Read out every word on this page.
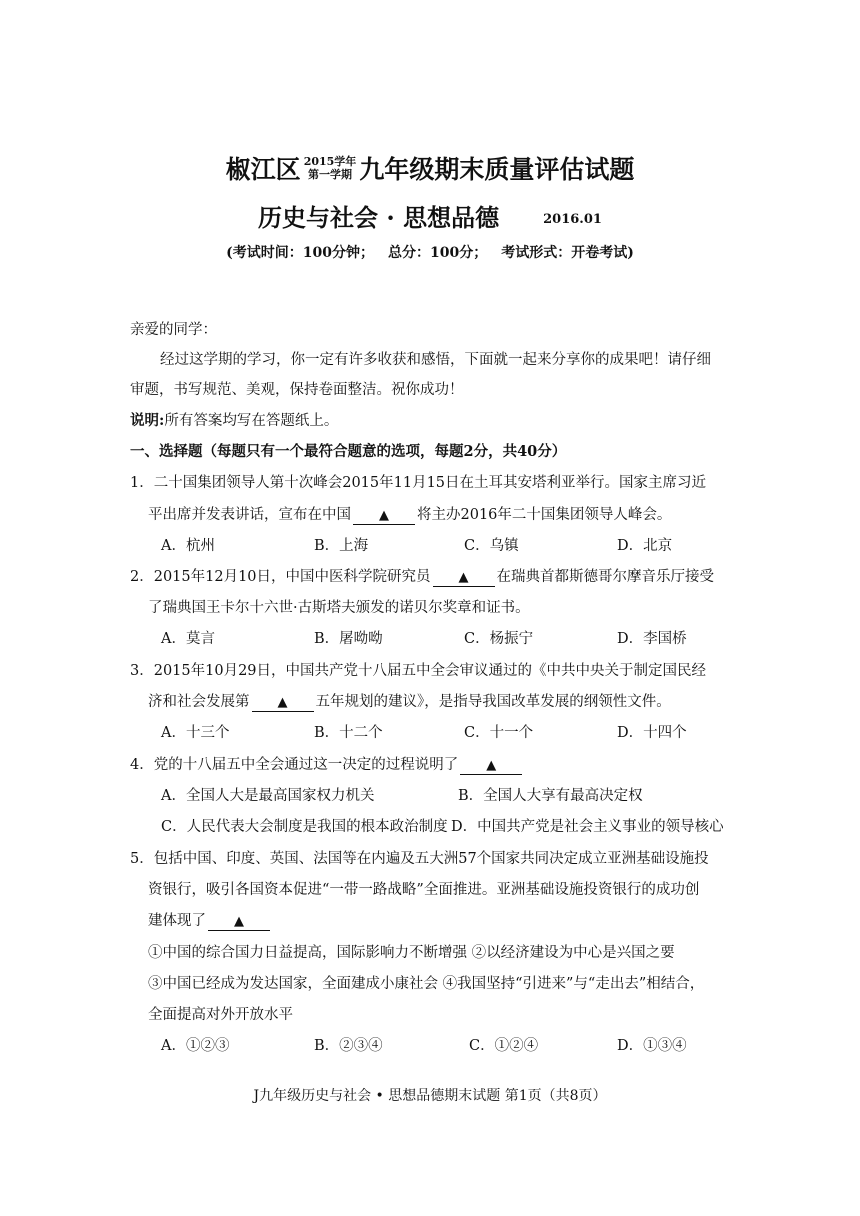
椒江区 2015学年
第一学期 九年级期末质量评估试题
历史与社会 · 思想品德	2016.01
(考试时间：100分钟； 总分：100分； 考试形式：开卷考试)
亲爱的同学：
经过这学期的学习，你一定有许多收获和感悟，下面就一起来分享你的成果吧！请仔细
审题，书写规范、美观，保持卷面整洁。祝你成功！
说明:所有答案均写在答题纸上。
一、选择题（每题只有一个最符合题意的选项，每题2分，共40分）
1．二十国集团领导人第十次峰会2015年11月15日在土耳其安塔利亚举行。国家主席习近
平出席并发表讲话，宣布在中国 ▲ 将主办2016年二十国集团领导人峰会。
A．杭州	B．上海	C．乌镇	D．北京
2．2015年12月10日，中国中医科学院研究员 ▲ 在瑞典首都斯德哥尔摩音乐厅接受
了瑞典国王卡尔十六世·古斯塔夫颁发的诺贝尔奖章和证书。
A．莫言	B．屠呦呦	C．杨振宁	D．李国桥
3．2015年10月29日，中国共产党十八届五中全会审议通过的《中共中央关于制定国民经
济和社会发展第 ▲ 五年规划的建议》，是指导我国改革发展的纲领性文件。
A．十三个	B．十二个	C．十一个	D．十四个
4．党的十八届五中全会通过这一决定的过程说明了 ▲
A．全国人大是最高国家权力机关	B．全国人大享有最高决定权
C．人民代表大会制度是我国的根本政治制度 D．中国共产党是社会主义事业的领导核心
5．包括中国、印度、英国、法国等在内遍及五大洲57个国家共同决定成立亚洲基础设施投
资银行，吸引各国资本促进“一带一路战略”全面推进。亚洲基础设施投资银行的成功创
建体现了 ▲
①中国的综合国力日益提高，国际影响力不断增强 ②以经济建设为中心是兴国之要
③中国已经成为发达国家，全面建成小康社会 ④我国坚持“引进来”与“走出去”相结合，
全面提高对外开放水平
A．①②③	B．②③④	C．①②④	D．①③④
J九年级历史与社会 • 思想品德期末试题 第1页（共8页）
